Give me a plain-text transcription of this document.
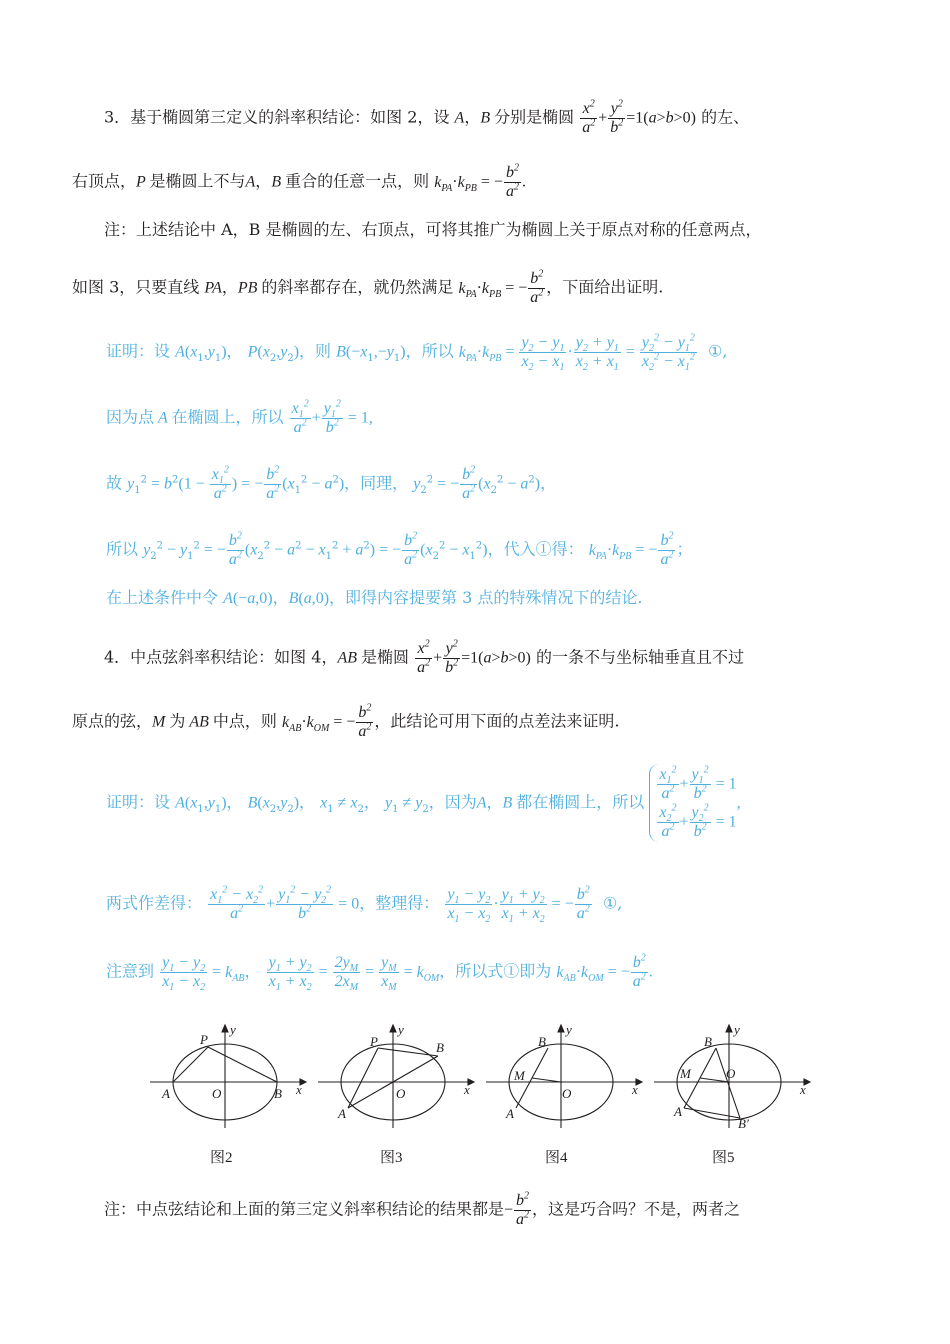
3．基于椭圆第三定义的斜率积结论：如图 2，设 A，B 分别是椭圆 $\frac{x^2}{a^2} + \frac{y^2}{b^2} =1(a>b>0)$ 的左、
右顶点，P 是椭圆上不与A，B 重合的任意一点，则 $k_{PA}\cdot k_{PB}$ = − $\frac{b^2}{a^2}$ .
注：上述结论中 A，B 是椭圆的左、右顶点，可将其推广为椭圆上关于原点对称的任意两点，
如图 3，只要直线 PA，PB 的斜率都存在，就仍然满足 $k_{PA}\cdot k_{PB}$ = − $\frac{b^2}{a^2}$ ，下面给出证明.
证明：设 $A(x_1,y_1)$， $P(x_2,y_2)$，则 $B(-x_1,-y_1)$，所以 $k_{PA}\cdot k_{PB} = \frac{y_2 - y_1}{x_2 - x_1} \cdot \frac{y_2 + y_1}{x_2 + x_1} = \frac{y_2^2 - y_1^2}{x_2^2 - x_1^2}$ ①,
因为点 A 在椭圆上，所以 $\frac{x_1^2}{a^2} + \frac{y_1^2}{b^2} = 1$,
故 $y_1^2 = b^2(1 - \frac{x_1^2}{a^2}$ ) = − $\frac{b^2}{a^2} (x_1^2 - a^2)$，同理， $y_2^2$ = − $\frac{b^2}{a^2} (x_2^2 - a^2)$，
所以 $y_2^2 - y_1^2$ = − $\frac{b^2}{a^2} (x_2^2 - a^2 - x_1^2 + a^2)$ = − $\frac{b^2}{a^2} (x_2^2 - x_1^2)$，代入①得： $k_{PA}\cdot k_{PB}$ = − $\frac{b^2}{a^2}$ ；
在上述条件中令 A(−a,0)，B(a,0)，即得内容提要第 3 点的特殊情况下的结论.
4．中点弦斜率积结论：如图 4，AB 是椭圆 $\frac{x^2}{a^2} + \frac{y^2}{b^2} =1(a>b>0)$ 的一条不与坐标轴垂直且不过
原点的弦，M 为 AB 中点，则 $k_{AB}\cdot k_{OM}$ = − $\frac{b^2}{a^2}$ ，此结论可用下面的点差法来证明.
证明：设 $A(x_1,y_1)$， $B(x_2,y_2)$， $x_1 \ne x_2$， $y_1 \ne y_2$，因为A，B 都在椭圆上，所以 $\frac{x_1^2}{a^2} + \frac{y_1^2}{b^2} = 1$
$\frac{x_2^2}{a^2} + \frac{y_2^2}{b^2} = 1$
,
两式作差得： $\frac{x_1^2 - x_2^2}{a^2} + \frac{y_1^2 - y_2^2}{b^2} = 0$，整理得： $\frac{y_1 - y_2}{x_1 - x_2} \cdot \frac{y_1 + y_2}{x_1 + x_2}$ = − $\frac{b^2}{a^2}$ ①,
注意到 $\frac{y_1 - y_2}{x_1 - x_2} = k_{AB}$， $\frac{y_1 + y_2}{x_1 + x_2} = \frac{2y_M}{2x_M} = \frac{y_M}{x_M} = k_{OM}$，所以式①即为 $k_{AB}\cdot k_{OM}$ = − $\frac{b^2}{a^2}$ .
P
y
x
A	O	B
P
y
x
A
O
B	B
y
x
A
O
M
B
y
x
A
O
M
B′
图2	图3	图4	图5
注：中点弦结论和上面的第三定义斜率积结论的结果都是− $\frac{b^2}{a^2}$ ，这是巧合吗？不是，两者之
